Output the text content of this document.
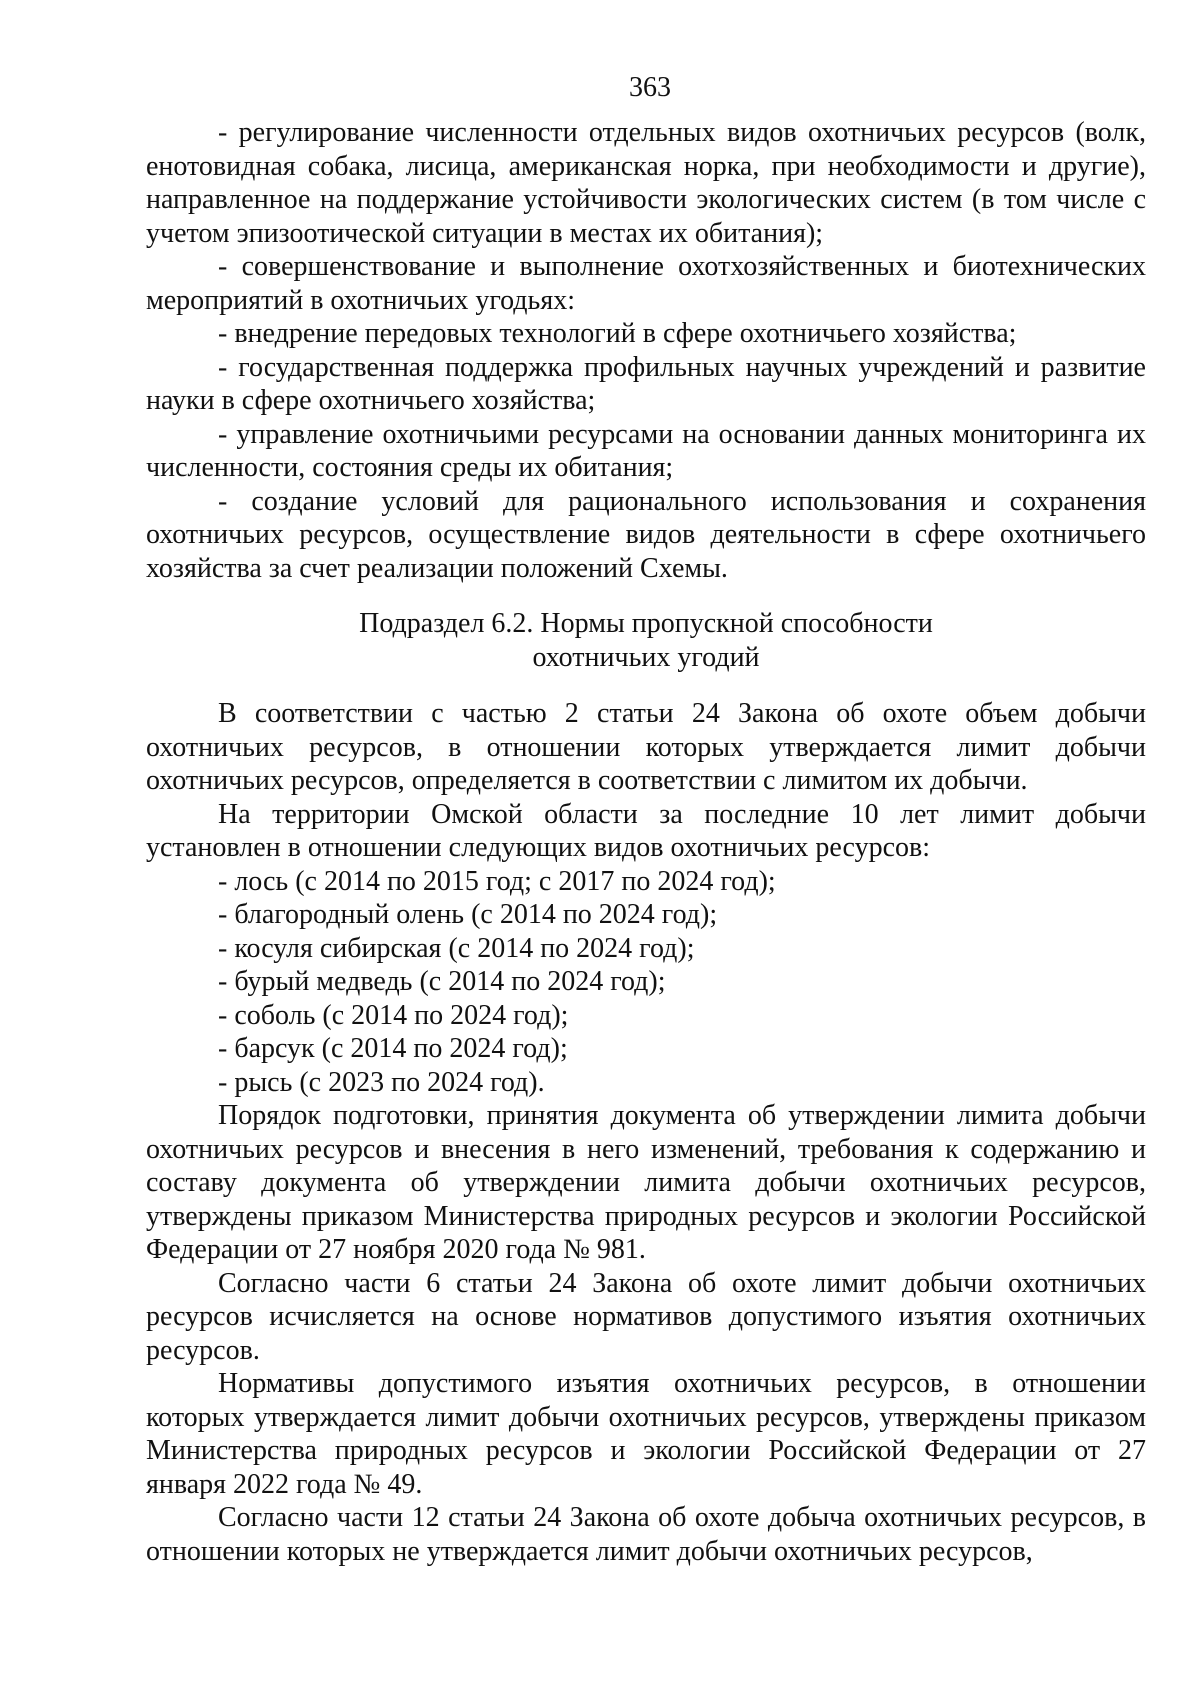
363

- регулирование численности отдельных видов охотничьих ресурсов (волк, енотовидная собака, лисица, американская норка, при необходимости и другие), направленное на поддержание устойчивости экологических систем (в том числе с учетом эпизоотической ситуации в местах их обитания);

- совершенствование и выполнение охотхозяйственных и биотехнических мероприятий в охотничьих угодьях:

- внедрение передовых технологий в сфере охотничьего хозяйства;

- государственная поддержка профильных научных учреждений и развитие науки в сфере охотничьего хозяйства;

- управление охотничьими ресурсами на основании данных мониторинга их численности, состояния среды их обитания;

- создание условий для рационального использования и сохранения охотничьих ресурсов, осуществление видов деятельности в сфере охотничьего хозяйства за счет реализации положений Схемы.

Подраздел 6.2. Нормы пропускной способности
охотничьих угодий

В соответствии с частью 2 статьи 24 Закона об охоте объем добычи охотничьих ресурсов, в отношении которых утверждается лимит добычи охотничьих ресурсов, определяется в соответствии с лимитом их добычи.

На территории Омской области за последние 10 лет лимит добычи установлен в отношении следующих видов охотничьих ресурсов:

- лось (с 2014 по 2015 год; с 2017 по 2024 год);

- благородный олень (с 2014 по 2024 год);

- косуля сибирская (с 2014 по 2024 год);

- бурый медведь (с 2014 по 2024 год);

- соболь (с 2014 по 2024 год);

- барсук (с 2014 по 2024 год);

- рысь (с 2023 по 2024 год).

Порядок подготовки, принятия документа об утверждении лимита добычи охотничьих ресурсов и внесения в него изменений, требования к содержанию и составу документа об утверждении лимита добычи охотничьих ресурсов, утверждены приказом Министерства природных ресурсов и экологии Российской Федерации от 27 ноября 2020 года № 981.

Согласно части 6 статьи 24 Закона об охоте лимит добычи охотничьих ресурсов исчисляется на основе нормативов допустимого изъятия охотничьих ресурсов.

Нормативы допустимого изъятия охотничьих ресурсов, в отношении которых утверждается лимит добычи охотничьих ресурсов, утверждены приказом Министерства природных ресурсов и экологии Российской Федерации от 27 января 2022 года № 49.

Согласно части 12 статьи 24 Закона об охоте добыча охотничьих ресурсов, в отношении которых не утверждается лимит добычи охотничьих ресурсов,
